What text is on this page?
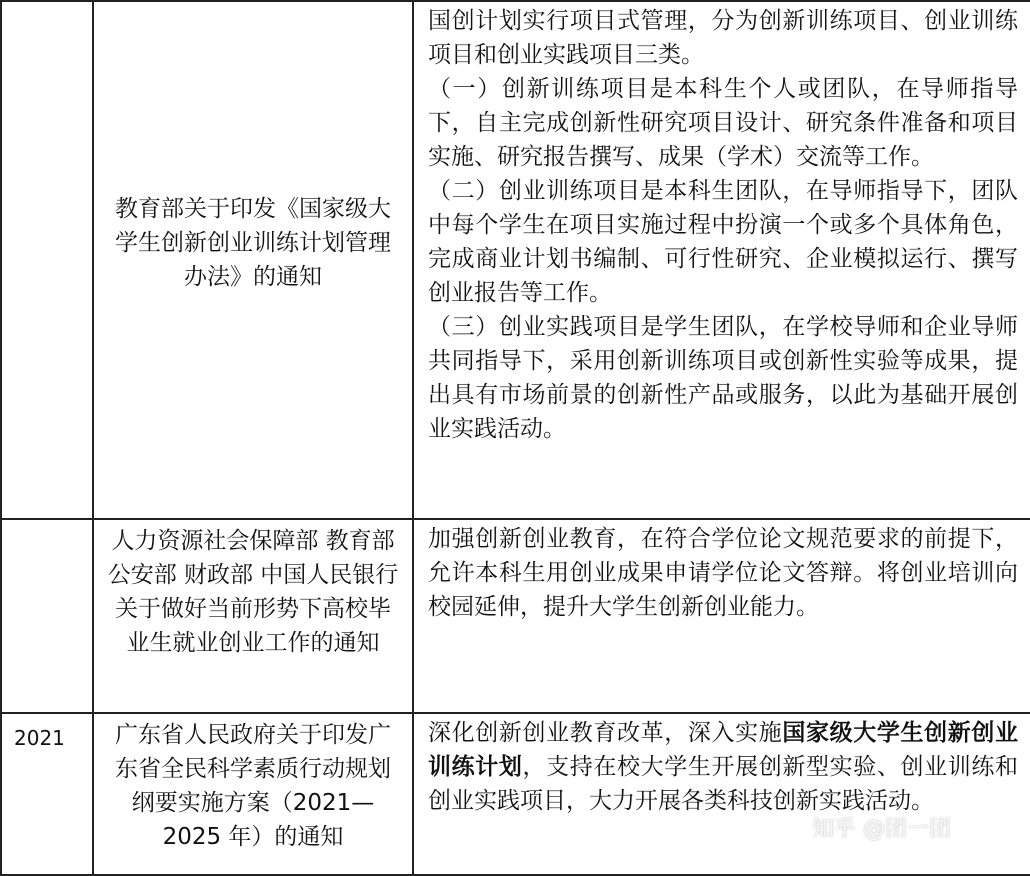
	教育部关于印发《国家级大学生创新创业训练计划管理办法》的通知	国创计划实行项目式管理，分为创新训练项目、创业训练项目和创业实践项目三类。

（一）创新训练项目是本科生个人或团队，在导师指导下，自主完成创新性研究项目设计、研究条件准备和项目实施、研究报告撰写、成果（学术）交流等工作。

（二）创业训练项目是本科生团队，在导师指导下，团队中每个学生在项目实施过程中扮演一个或多个具体角色，完成商业计划书编制、可行性研究、企业模拟运行、撰写创业报告等工作。

（三）创业实践项目是学生团队，在学校导师和企业导师共同指导下，采用创新训练项目或创新性实验等成果，提出具有市场前景的创新性产品或服务，以此为基础开展创业实践活动。

	人力资源社会保障部 教育部 公安部 财政部 中国人民银行关于做好当前形势下高校毕业生就业创业工作的通知	加强创新创业教育，在符合学位论文规范要求的前提下，允许本科生用创业成果申请学位论文答辩。将创业培训向校园延伸，提升大学生创新创业能力。

2021	广东省人民政府关于印发广东省全民科学素质行动规划纲要实施方案（2021—2025 年）的通知	深化创新创业教育改革，深入实施国家级大学生创新创业训练计划，支持在校大学生开展创新型实验、创业训练和创业实践项目，大力开展各类科技创新实践活动。

知乎 @团一团
